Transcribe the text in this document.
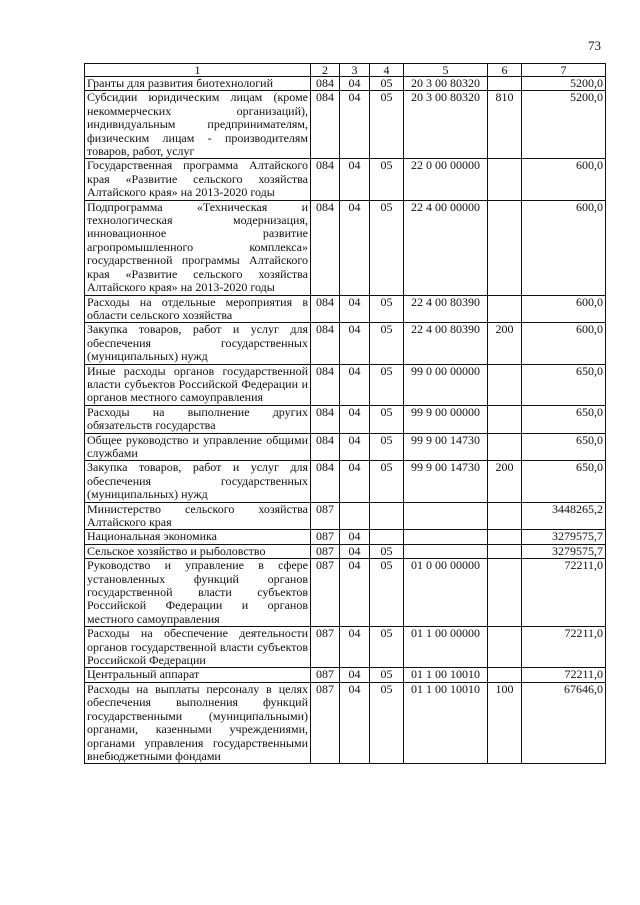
73
1	2	3	4	5	6	7
Гранты для развития биотехнологий	084	04	05	20 3 00 80320		5200,0
Субсидии юридическим лицам (кроме некоммерческих организаций), индивидуальным предпринимателям, физическим лицам - производителям товаров, работ, услуг	084	04	05	20 3 00 80320	810	5200,0
Государственная программа Алтайского края «Развитие сельского хозяйства Алтайского края» на 2013-2020 годы	084	04	05	22 0 00 00000		600,0
Подпрограмма «Техническая и технологическая модернизация, инновационное развитие агропромышленного комплекса» государственной программы Алтайского края «Развитие сельского хозяйства Алтайского края» на 2013-2020 годы	084	04	05	22 4 00 00000		600,0
Расходы на отдельные мероприятия в области сельского хозяйства	084	04	05	22 4 00 80390		600,0
Закупка товаров, работ и услуг для обеспечения государственных (муниципальных) нужд	084	04	05	22 4 00 80390	200	600,0
Иные расходы органов государственной власти субъектов Российской Федерации и органов местного самоуправления	084	04	05	99 0 00 00000		650,0
Расходы на выполнение других обязательств государства	084	04	05	99 9 00 00000		650,0
Общее руководство и управление общими службами	084	04	05	99 9 00 14730		650,0
Закупка товаров, работ и услуг для обеспечения государственных (муниципальных) нужд	084	04	05	99 9 00 14730	200	650,0
Министерство сельского хозяйства Алтайского края	087					3448265,2
Национальная экономика	087	04				3279575,7
Сельское хозяйство и рыболовство	087	04	05			3279575,7
Руководство и управление в сфере установленных функций органов государственной власти субъектов Российской Федерации и органов местного самоуправления	087	04	05	01 0 00 00000		72211,0
Расходы на обеспечение деятельности органов государственной власти субъектов Российской Федерации	087	04	05	01 1 00 00000		72211,0
Центральный аппарат	087	04	05	01 1 00 10010		72211,0
Расходы на выплаты персоналу в целях обеспечения выполнения функций государственными (муниципальными) органами, казенными учреждениями, органами управления государственными внебюджетными фондами	087	04	05	01 1 00 10010	100	67646,0
